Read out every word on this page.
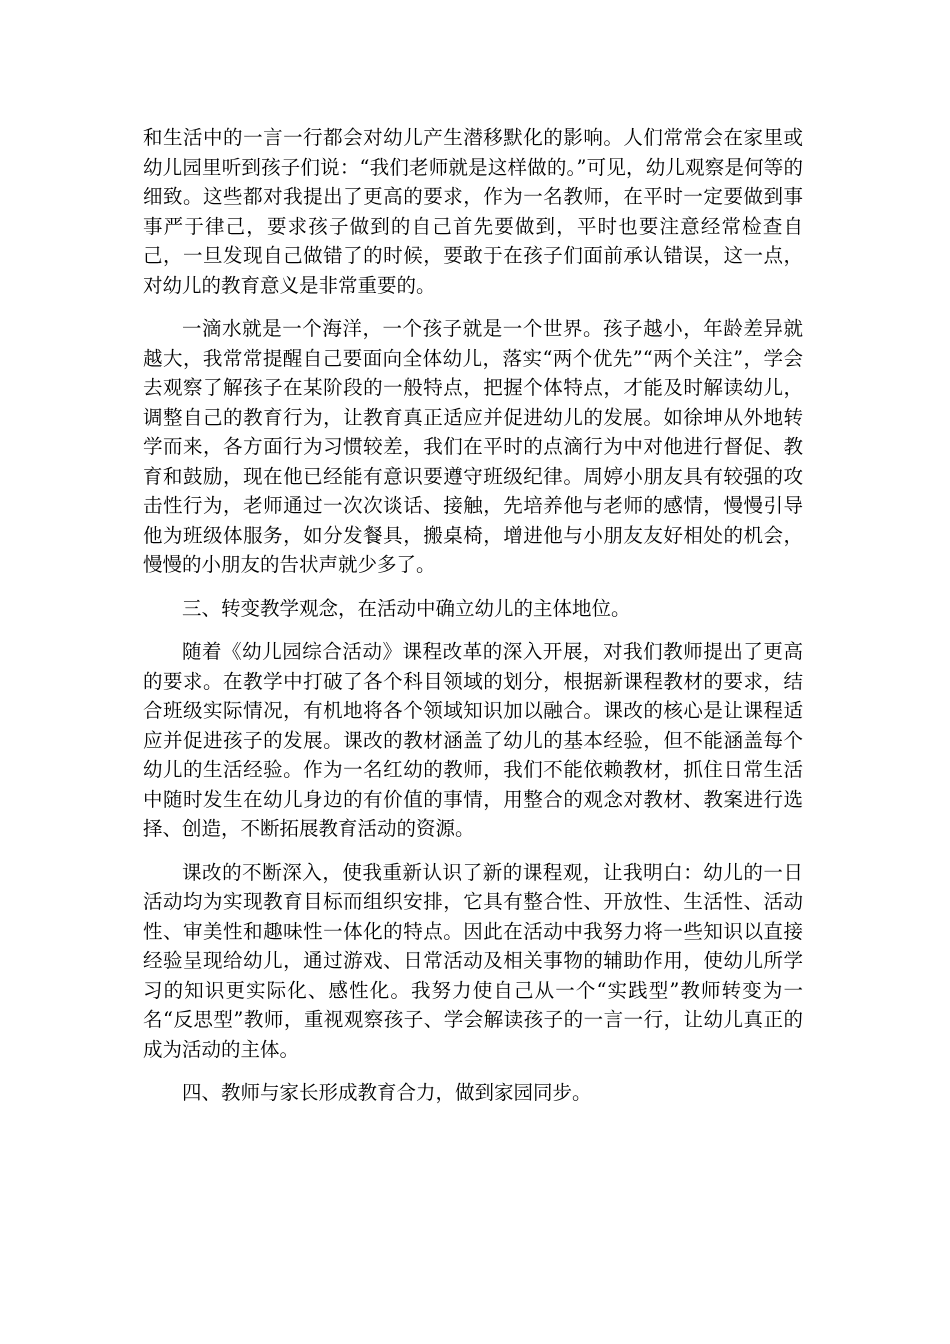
和生活中的一言一行都会对幼儿产生潜移默化的影响。人们常常会在家里或幼儿园里听到孩子们说：“我们老师就是这样做的。”可见，幼儿观察是何等的细致。这些都对我提出了更高的要求，作为一名教师，在平时一定要做到事事严于律己，要求孩子做到的自己首先要做到，平时也要注意经常检查自己，一旦发现自己做错了的时候，要敢于在孩子们面前承认错误，这一点，对幼儿的教育意义是非常重要的。

一滴水就是一个海洋，一个孩子就是一个世界。孩子越小，年龄差异就越大，我常常提醒自己要面向全体幼儿，落实“两个优先”“两个关注”，学会去观察了解孩子在某阶段的一般特点，把握个体特点，才能及时解读幼儿，调整自己的教育行为，让教育真正适应并促进幼儿的发展。如徐坤从外地转学而来，各方面行为习惯较差，我们在平时的点滴行为中对他进行督促、教育和鼓励，现在他已经能有意识要遵守班级纪律。周婷小朋友具有较强的攻击性行为，老师通过一次次谈话、接触，先培养他与老师的感情，慢慢引导他为班级体服务，如分发餐具，搬桌椅，增进他与小朋友友好相处的机会，慢慢的小朋友的告状声就少多了。

三、转变教学观念，在活动中确立幼儿的主体地位。

随着《幼儿园综合活动》课程改革的深入开展，对我们教师提出了更高的要求。在教学中打破了各个科目领域的划分，根据新课程教材的要求，结合班级实际情况，有机地将各个领域知识加以融合。课改的核心是让课程适应并促进孩子的发展。课改的教材涵盖了幼儿的基本经验，但不能涵盖每个幼儿的生活经验。作为一名红幼的教师，我们不能依赖教材，抓住日常生活中随时发生在幼儿身边的有价值的事情，用整合的观念对教材、教案进行选择、创造，不断拓展教育活动的资源。

课改的不断深入，使我重新认识了新的课程观，让我明白：幼儿的一日活动均为实现教育目标而组织安排，它具有整合性、开放性、生活性、活动性、审美性和趣味性一体化的特点。因此在活动中我努力将一些知识以直接经验呈现给幼儿，通过游戏、日常活动及相关事物的辅助作用，使幼儿所学习的知识更实际化、感性化。我努力使自己从一个“实践型”教师转变为一名“反思型”教师，重视观察孩子、学会解读孩子的一言一行，让幼儿真正的成为活动的主体。

四、教师与家长形成教育合力，做到家园同步。
